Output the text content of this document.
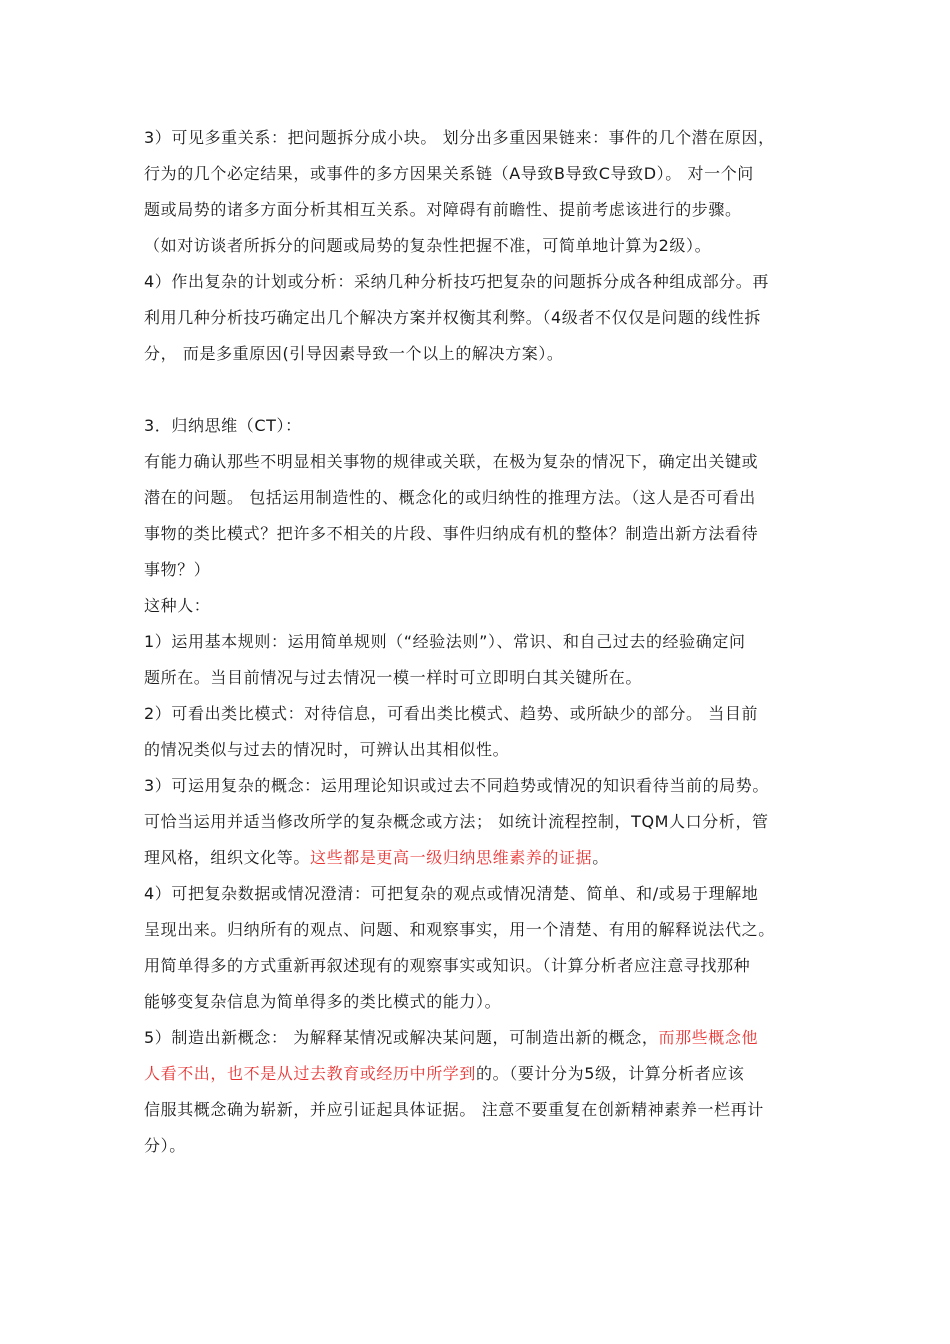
3）可见多重关系：把问题拆分成小块。 划分出多重因果链来：事件的几个潜在原因，
行为的几个必定结果，或事件的多方因果关系链（A导致B导致C导致D）。 对一个问
题或局势的诸多方面分析其相互关系。对障碍有前瞻性、提前考虑该进行的步骤。
（如对访谈者所拆分的问题或局势的复杂性把握不准，可简单地计算为2级）。
4）作出复杂的计划或分析：采纳几种分析技巧把复杂的问题拆分成各种组成部分。再
利用几种分析技巧确定出几个解决方案并权衡其利弊。（4级者不仅仅是问题的线性拆
分， 而是多重原因(引导因素导致一个以上的解决方案）。
3．归纳思维（CT）：
有能力确认那些不明显相关事物的规律或关联，在极为复杂的情况下，确定出关键或
潜在的问题。 包括运用制造性的、概念化的或归纳性的推理方法。（这人是否可看出
事物的类比模式？把许多不相关的片段、事件归纳成有机的整体？制造出新方法看待
事物？）
这种人：
1）运用基本规则：运用简单规则（“经验法则”）、常识、和自己过去的经验确定问
题所在。当目前情况与过去情况一模一样时可立即明白其关键所在。
2）可看出类比模式：对待信息，可看出类比模式、趋势、或所缺少的部分。 当目前
的情况类似与过去的情况时，可辨认出其相似性。
3）可运用复杂的概念：运用理论知识或过去不同趋势或情况的知识看待当前的局势。
可恰当运用并适当修改所学的复杂概念或方法； 如统计流程控制，TQM人口分析，管
理风格，组织文化等。这些都是更高一级归纳思维素养的证据。
4）可把复杂数据或情况澄清：可把复杂的观点或情况清楚、简单、和/或易于理解地
呈现出来。归纳所有的观点、问题、和观察事实，用一个清楚、有用的解释说法代之。
用简单得多的方式重新再叙述现有的观察事实或知识。（计算分析者应注意寻找那种
能够变复杂信息为简单得多的类比模式的能力）。
5）制造出新概念： 为解释某情况或解决某问题，可制造出新的概念，而那些概念他
人看不出，也不是从过去教育或经历中所学到的。（要计分为5级，计算分析者应该
信服其概念确为崭新，并应引证起具体证据。 注意不要重复在创新精神素养一栏再计
分）。
